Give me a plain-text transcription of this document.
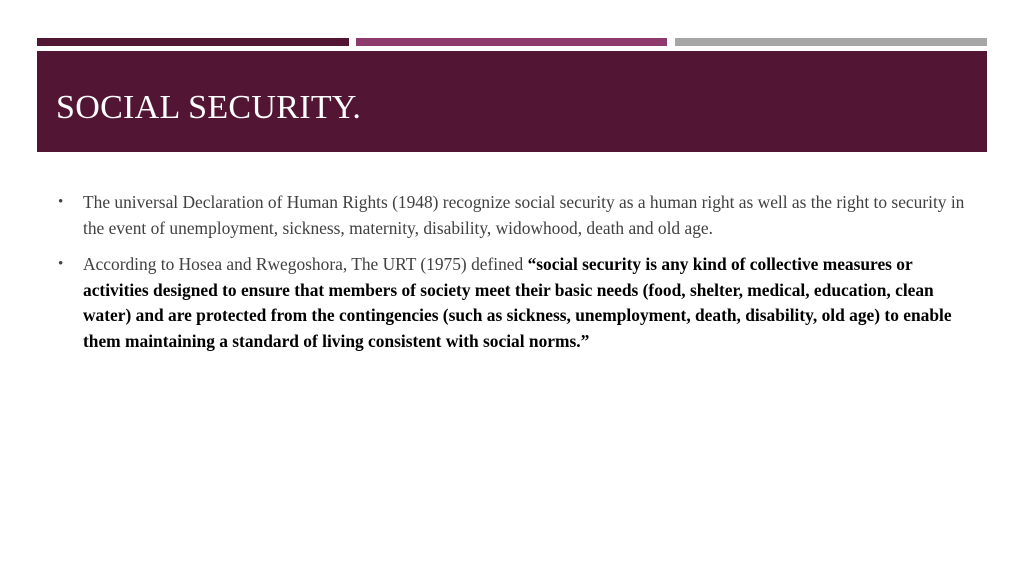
SOCIAL SECURITY.
• The universal Declaration of Human Rights (1948) recognize social security as a human right as well as the right to security in the event of unemployment, sickness, maternity, disability, widowhood, death and old age.
• According to Hosea and Rwegoshora, The URT (1975) defined “social security is any kind of collective measures or activities designed to ensure that members of society meet their basic needs (food, shelter, medical, education, clean water) and are protected from the contingencies (such as sickness, unemployment, death, disability, old age) to enable them maintaining a standard of living consistent with social norms.”
